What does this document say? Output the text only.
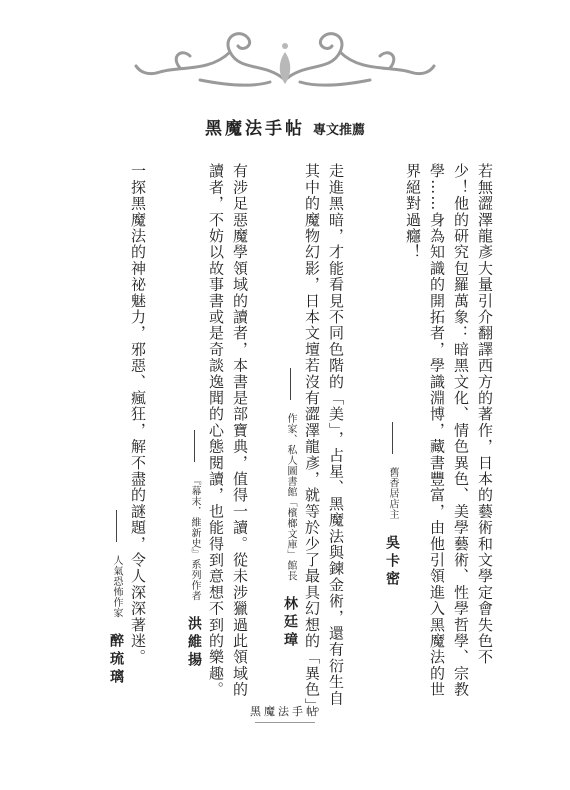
黑魔法手帖 專文推薦
若無澀澤龍彥大量引介翻譯西方的著作，日本的藝術和文學定會失色不
少！他的研究包羅萬象：暗黑文化、情色異色、美學藝術、性學哲學、宗教
學……身為知識的開拓者，學識淵博，藏書豐富，由他引領進入黑魔法的世
界絕對過癮！
舊香居店主 吳卡密
走進黑暗，才能看見不同色階的「美」，占星、黑魔法與鍊金術，還有衍生自
其中的魔物幻影，日本文壇若沒有澀澤龍彥，就等於少了最具幻想的「異色」。
作家、私人圖書館「檳榔文庫」館長 林廷璋
有涉足惡魔學領域的讀者，本書是部寶典，值得一讀。從未涉獵過此領域的
讀者，不妨以故事書或是奇談逸聞的心態閱讀，也能得到意想不到的樂趣。
『幕末．維新史』系列作者 洪維揚
一探黑魔法的神祕魅力，邪惡、瘋狂，解不盡的謎題，令人深深著迷。
人氣恐怖作家 醉琉璃
黑魔法手帖
